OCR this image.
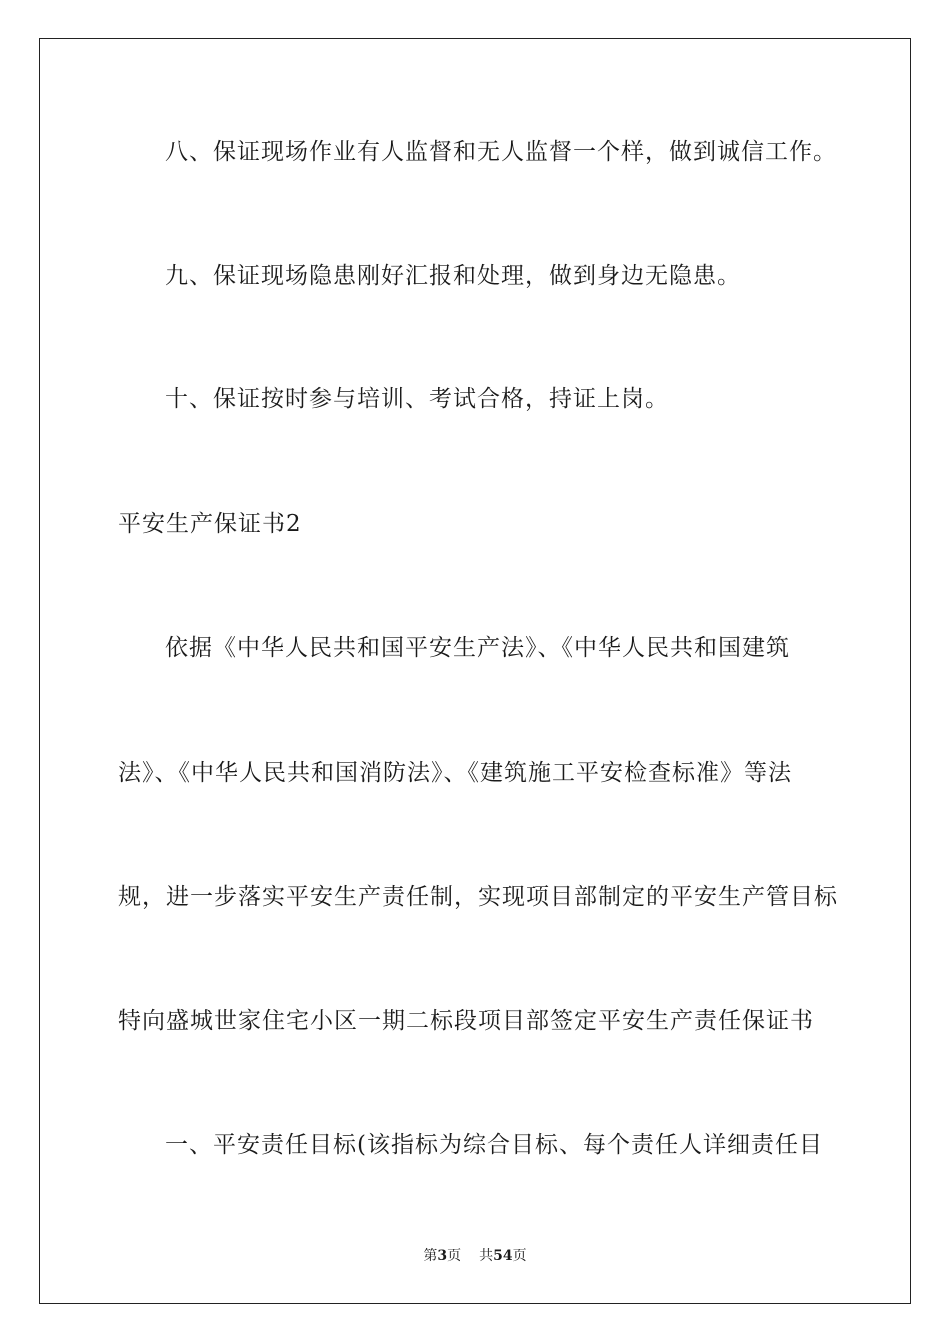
八、保证现场作业有人监督和无人监督一个样，做到诚信工作。
九、保证现场隐患刚好汇报和处理，做到身边无隐患。
十、保证按时参与培训、考试合格，持证上岗。
平安生产保证书2
依据《中华人民共和国平安生产法》、《中华人民共和国建筑
法》、《中华人民共和国消防法》、《建筑施工平安检查标准》等法
规，进一步落实平安生产责任制，实现项目部制定的平安生产管目标
特向盛城世家住宅小区一期二标段项目部签定平安生产责任保证书
一、平安责任目标(该指标为综合目标、每个责任人详细责任目
第3页 共54页
